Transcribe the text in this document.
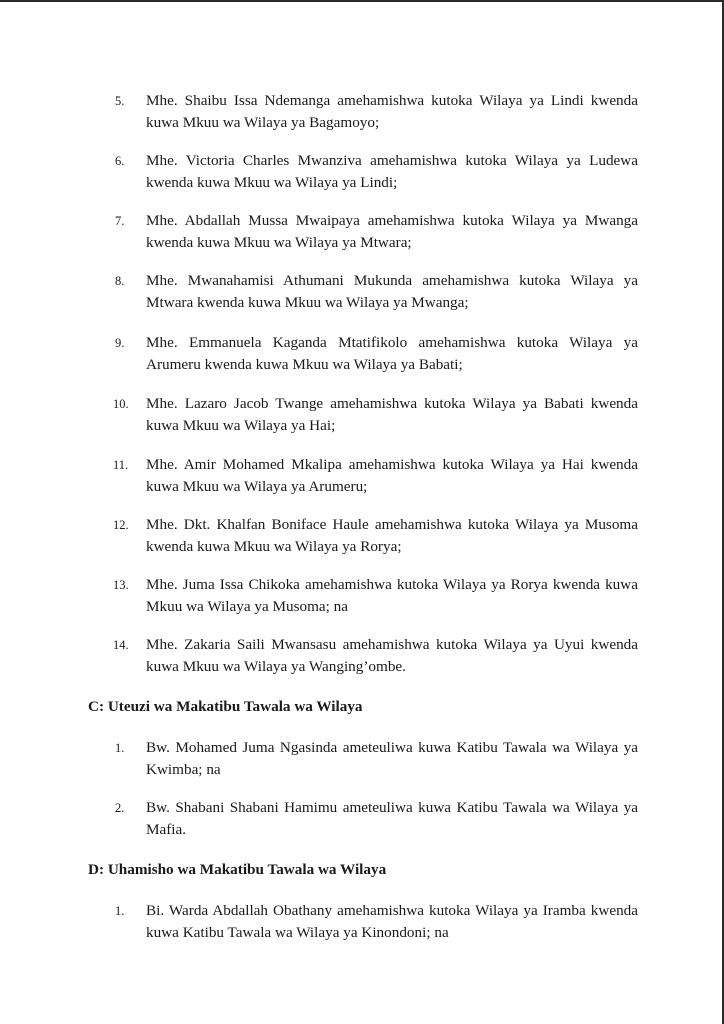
5. Mhe. Shaibu Issa Ndemanga amehamishwa kutoka Wilaya ya Lindi kwenda kuwa Mkuu wa Wilaya ya Bagamoyo;
6. Mhe. Victoria Charles Mwanziva amehamishwa kutoka Wilaya ya Ludewa kwenda kuwa Mkuu wa Wilaya ya Lindi;
7. Mhe. Abdallah Mussa Mwaipaya amehamishwa kutoka Wilaya ya Mwanga kwenda kuwa Mkuu wa Wilaya ya Mtwara;
8. Mhe. Mwanahamisi Athumani Mukunda amehamishwa kutoka Wilaya ya Mtwara kwenda kuwa Mkuu wa Wilaya ya Mwanga;
9. Mhe. Emmanuela Kaganda Mtatifikolo amehamishwa kutoka Wilaya ya Arumeru kwenda kuwa Mkuu wa Wilaya ya Babati;
10. Mhe. Lazaro Jacob Twange amehamishwa kutoka Wilaya ya Babati kwenda kuwa Mkuu wa Wilaya ya Hai;
11. Mhe. Amir Mohamed Mkalipa amehamishwa kutoka Wilaya ya Hai kwenda kuwa Mkuu wa Wilaya ya Arumeru;
12. Mhe. Dkt. Khalfan Boniface Haule amehamishwa kutoka Wilaya ya Musoma kwenda kuwa Mkuu wa Wilaya ya Rorya;
13. Mhe. Juma Issa Chikoka amehamishwa kutoka Wilaya ya Rorya kwenda kuwa Mkuu wa Wilaya ya Musoma; na
14. Mhe. Zakaria Saili Mwansasu amehamishwa kutoka Wilaya ya Uyui kwenda kuwa Mkuu wa Wilaya ya Wanging’ombe.
C: Uteuzi wa Makatibu Tawala wa Wilaya
1. Bw. Mohamed Juma Ngasinda ameteuliwa kuwa Katibu Tawala wa Wilaya ya Kwimba; na
2. Bw. Shabani Shabani Hamimu ameteuliwa kuwa Katibu Tawala wa Wilaya ya Mafia.
D: Uhamisho wa Makatibu Tawala wa Wilaya
1. Bi. Warda Abdallah Obathany amehamishwa kutoka Wilaya ya Iramba kwenda kuwa Katibu Tawala wa Wilaya ya Kinondoni; na
